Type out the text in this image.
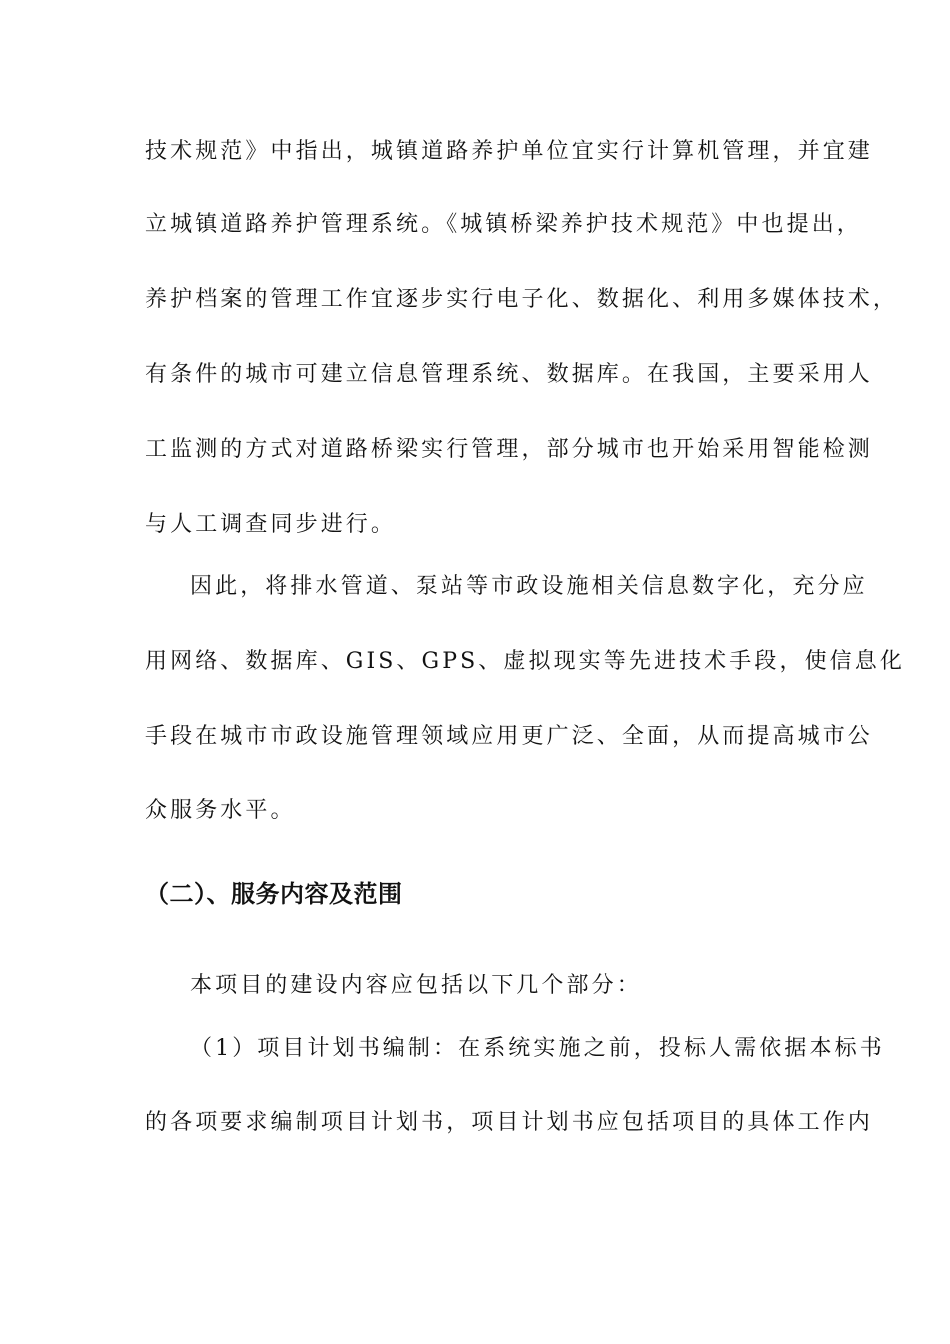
技术规范》中指出，城镇道路养护单位宜实行计算机管理，并宜建
立城镇道路养护管理系统。《城镇桥梁养护技术规范》中也提出，
养护档案的管理工作宜逐步实行电子化、数据化、利用多媒体技术，
有条件的城市可建立信息管理系统、数据库。在我国，主要采用人
工监测的方式对道路桥梁实行管理，部分城市也开始采用智能检测
与人工调查同步进行。
因此，将排水管道、泵站等市政设施相关信息数字化，充分应
用网络、数据库、GIS、GPS、虚拟现实等先进技术手段，使信息化
手段在城市市政设施管理领域应用更广泛、全面，从而提高城市公
众服务水平。
（二）、服务内容及范围
本项目的建设内容应包括以下几个部分：
（1）项目计划书编制：在系统实施之前，投标人需依据本标书
的各项要求编制项目计划书，项目计划书应包括项目的具体工作内
